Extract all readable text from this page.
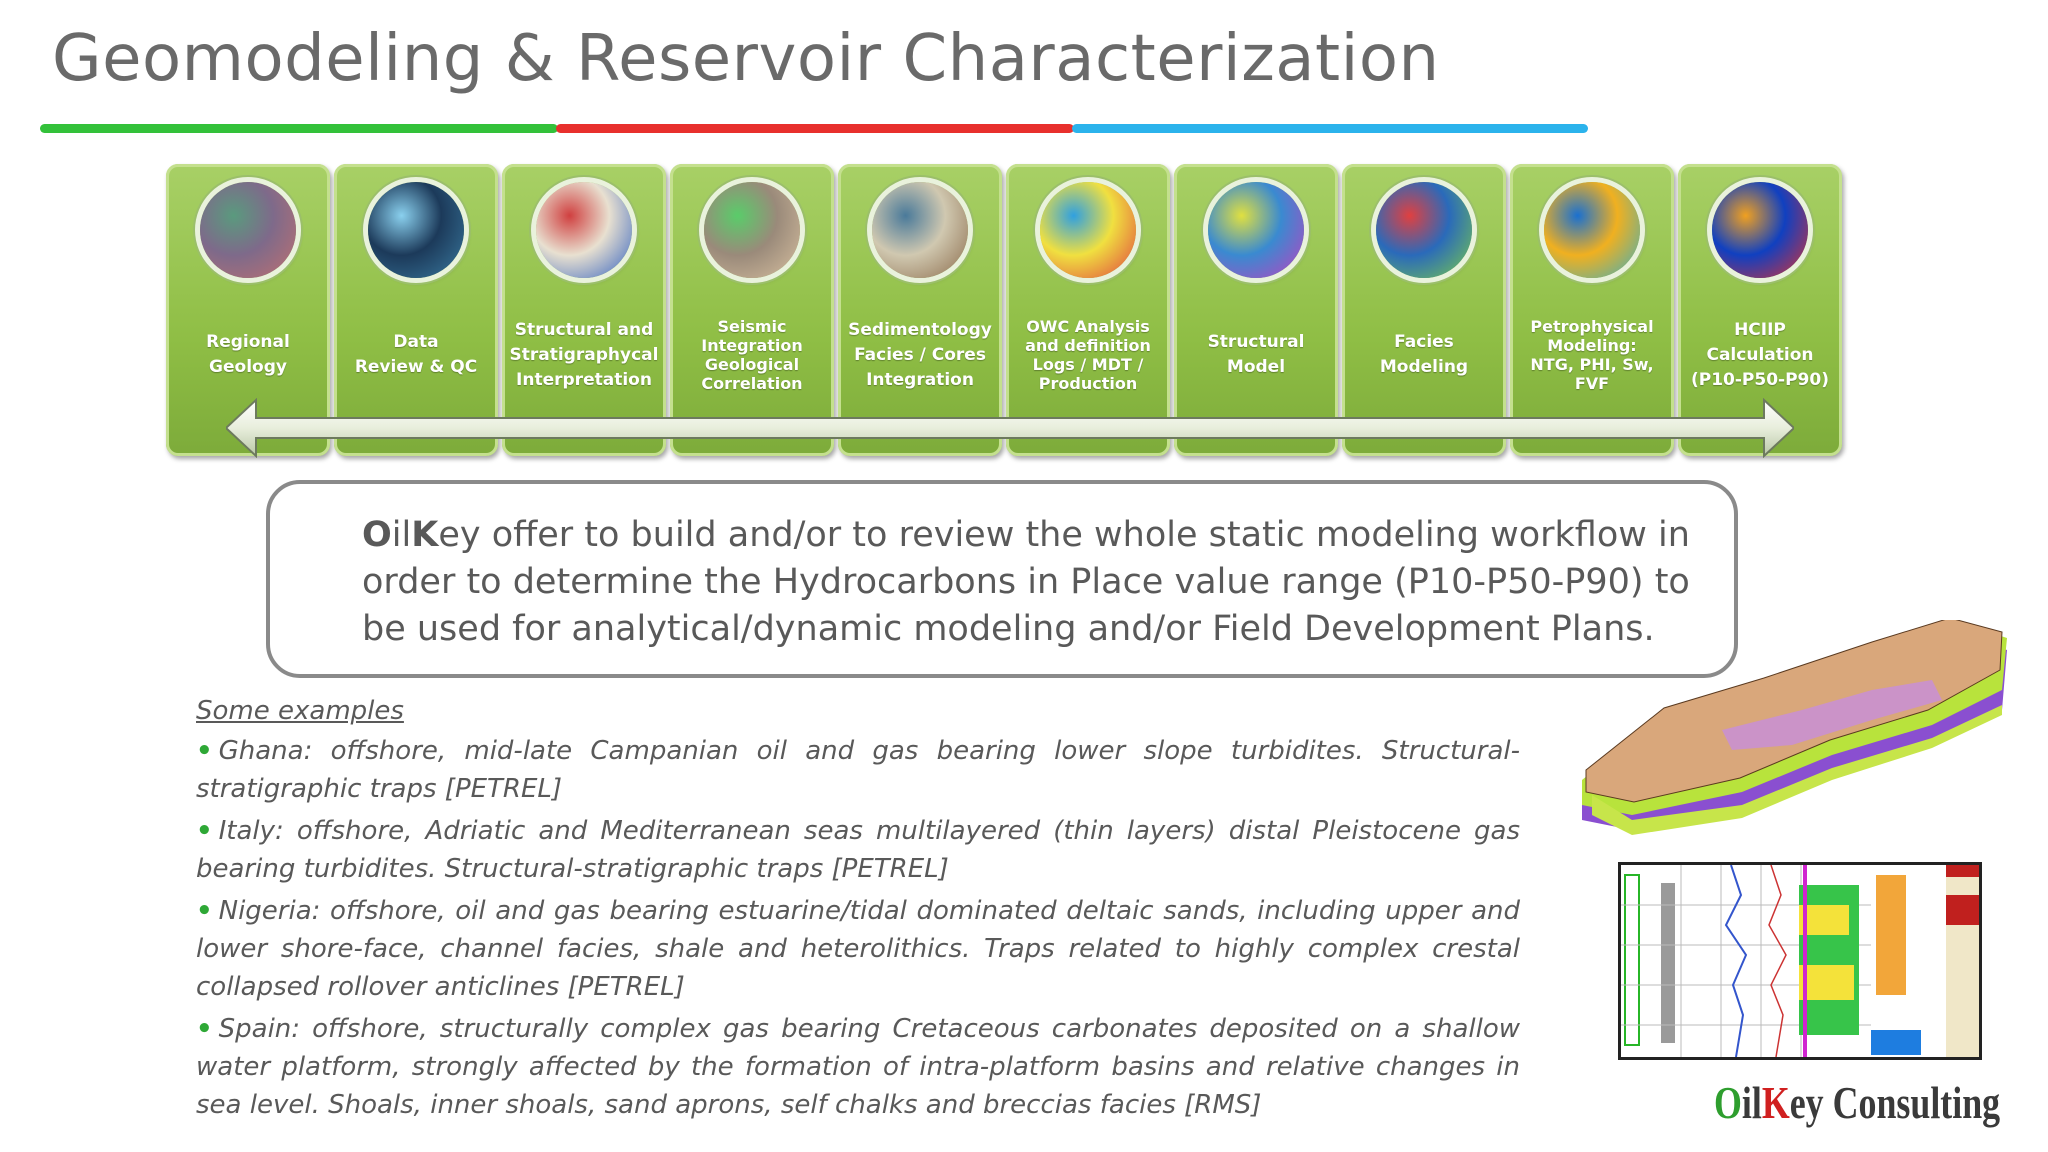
Geomodeling & Reservoir Characterization
Regional
Geology
Data
Review & QC
Structural and
Stratigraphycal
Interpretation
Seismic
Integration
Geological
Correlation
Sedimentology
Facies / Cores
Integration
OWC Analysis
and definition
Logs / MDT /
Production
Structural
Model
Facies
Modeling
Petrophysical
Modeling:
NTG, PHI, Sw,
FVF
HCIIP
Calculation
(P10-P50-P90)
OilKey offer to build and/or to review the whole static modeling workflow in order to determine the Hydrocarbons in Place value range (P10-P50-P90) to be used for analytical/dynamic modeling and/or Field Development Plans.
Some examples
• Ghana: offshore, mid-late Campanian oil and gas bearing lower slope turbidites. Structural-stratigraphic traps [PETREL]
• Italy: offshore, Adriatic and Mediterranean seas multilayered (thin layers) distal Pleistocene gas bearing turbidites. Structural-stratigraphic traps [PETREL]
• Nigeria: offshore, oil and gas bearing estuarine/tidal dominated deltaic sands, including upper and lower shore-face, channel facies, shale and heterolithics. Traps related to highly complex crestal collapsed rollover anticlines [PETREL]
• Spain: offshore, structurally complex gas bearing Cretaceous carbonates deposited on a shallow water platform, strongly affected by the formation of intra-platform basins and relative changes in sea level. Shoals, inner shoals, sand aprons, self chalks and breccias facies [RMS]	OilKey Consulting
